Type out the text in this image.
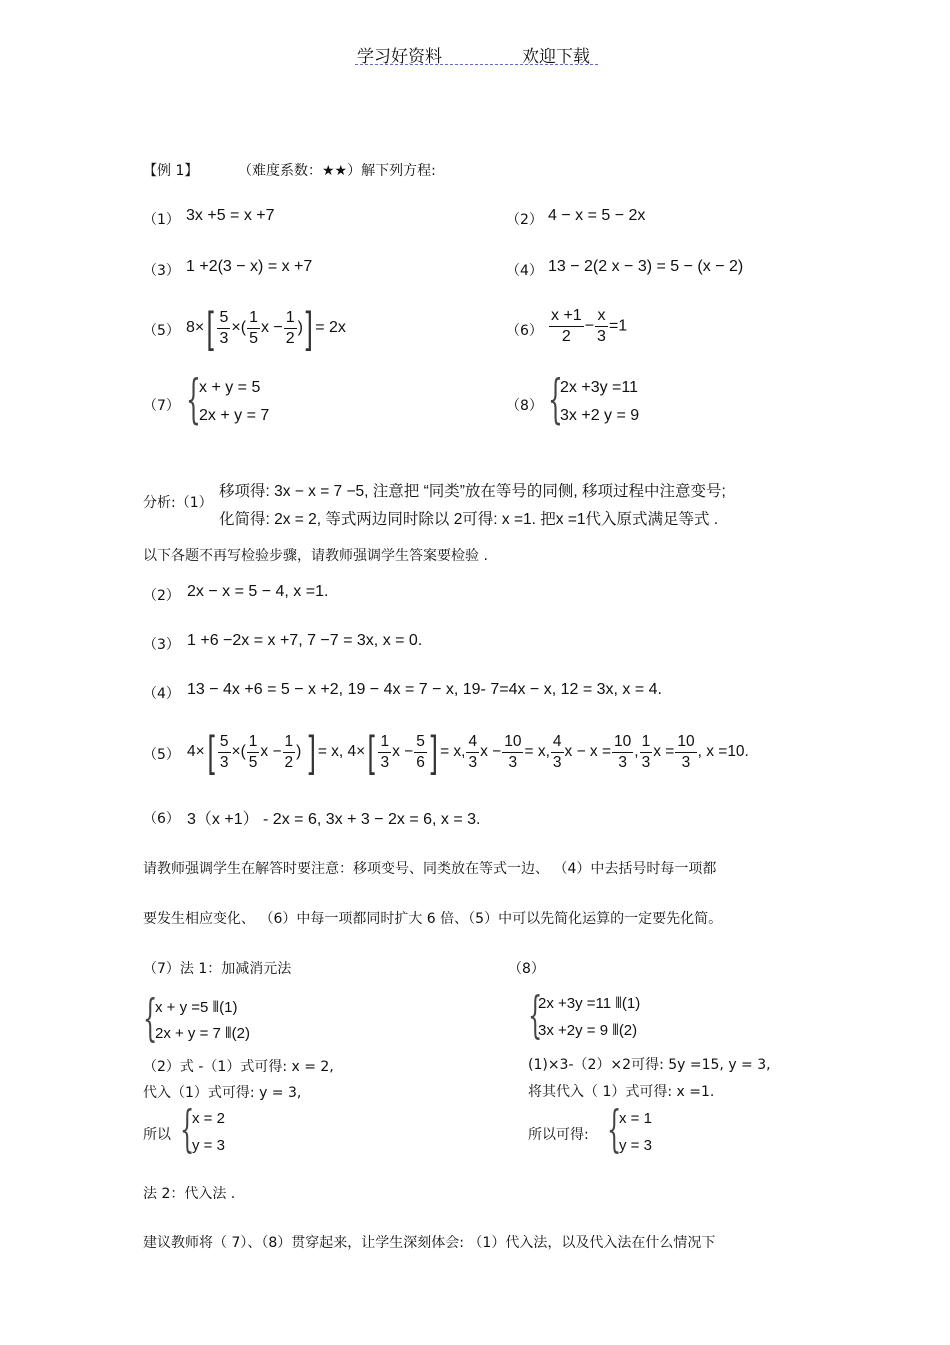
学习好资料	欢迎下载
【例 1】	（难度系数：★★）解下列方程:
（1） 3x +5 = x +7	（2） 4 − x = 5 − 2x
（3） 1 +2(3 − x) = x +7	（4） 13 − 2(2 x − 3) = 5 − (x − 2)
（5） $8\times[ \frac{5}{3}$ ×( $\frac{1}{5}$ $x - \frac{1}{2}$ )] = 2x	$(6) \frac{x +1}{2} - \frac{x}{3} =1$
（7） {
x + y = 5
2x + y = 7
（8） {
2x +3y =11
3x +2 y = 9
分析:（1）
移项得: 3x − x = 7 −5, 注意把 “同类”放在等号的同侧, 移项过程中注意变号;
化简得: 2x = 2, 等式两边同时除以 2可得: x =1. 把x =1代入原式满足等式 .
以下各题不再写检验步骤，请教师强调学生答案要检验 .
（2） 2x − x = 5 − 4, x =1.
（3） 1 +6 −2x = x +7, 7 −7 = 3x, x = 0.
（4） 13 − 4x +6 = 5 − x +2, 19 − 4x = 7 − x, 19- 7=4x − x, 12 = 3x, x = 4.
（5） $4\times[ \frac{5}{3}$ ×( $\frac{1}{5}$ $x - \frac{1}{2}$ ) ] = x, $4\times[ \frac{1}{3}$ $x - \frac{5}{6}$ ] = x, $\frac{4}{3}$ $x - \frac{10}{3} = x$, $\frac{4}{3}$ $x - x = \frac{10}{3}$ , $\frac{1}{3}$ $x = \frac{10}{3}$ , x =10.
（6） 3（x +1） - 2x = 6, 3x + 3 − 2x = 6, x = 3.
请教师强调学生在解答时要注意：移项变号、同类放在等式一边、 （4）中去括号时每一项都
要发生相应变化、 （6）中每一项都同时扩大 6 倍、（5）中可以先简化运算的一定要先化简。
（7）法 1：加减消元法
{
x + y =5 ⦀(1)
2x + y = 7 ⦀(2)
（2）式 -（1）式可得: x = 2,
代入（1）式可得: y = 3,
所以 {
x = 2
y = 3
（8）
{
2x +3y =11 ⦀(1)
3x +2y = 9 ⦀(2)
(1)×3-（2）×2可得: 5y =15, y = 3,
将其代入（ 1）式可得: x =1.
所以可得: {
x = 1
y = 3
法 2：代入法 .
建议教师将（ 7）、（8）贯穿起来，让学生深刻体会: （1）代入法，以及代入法在什么情况下
